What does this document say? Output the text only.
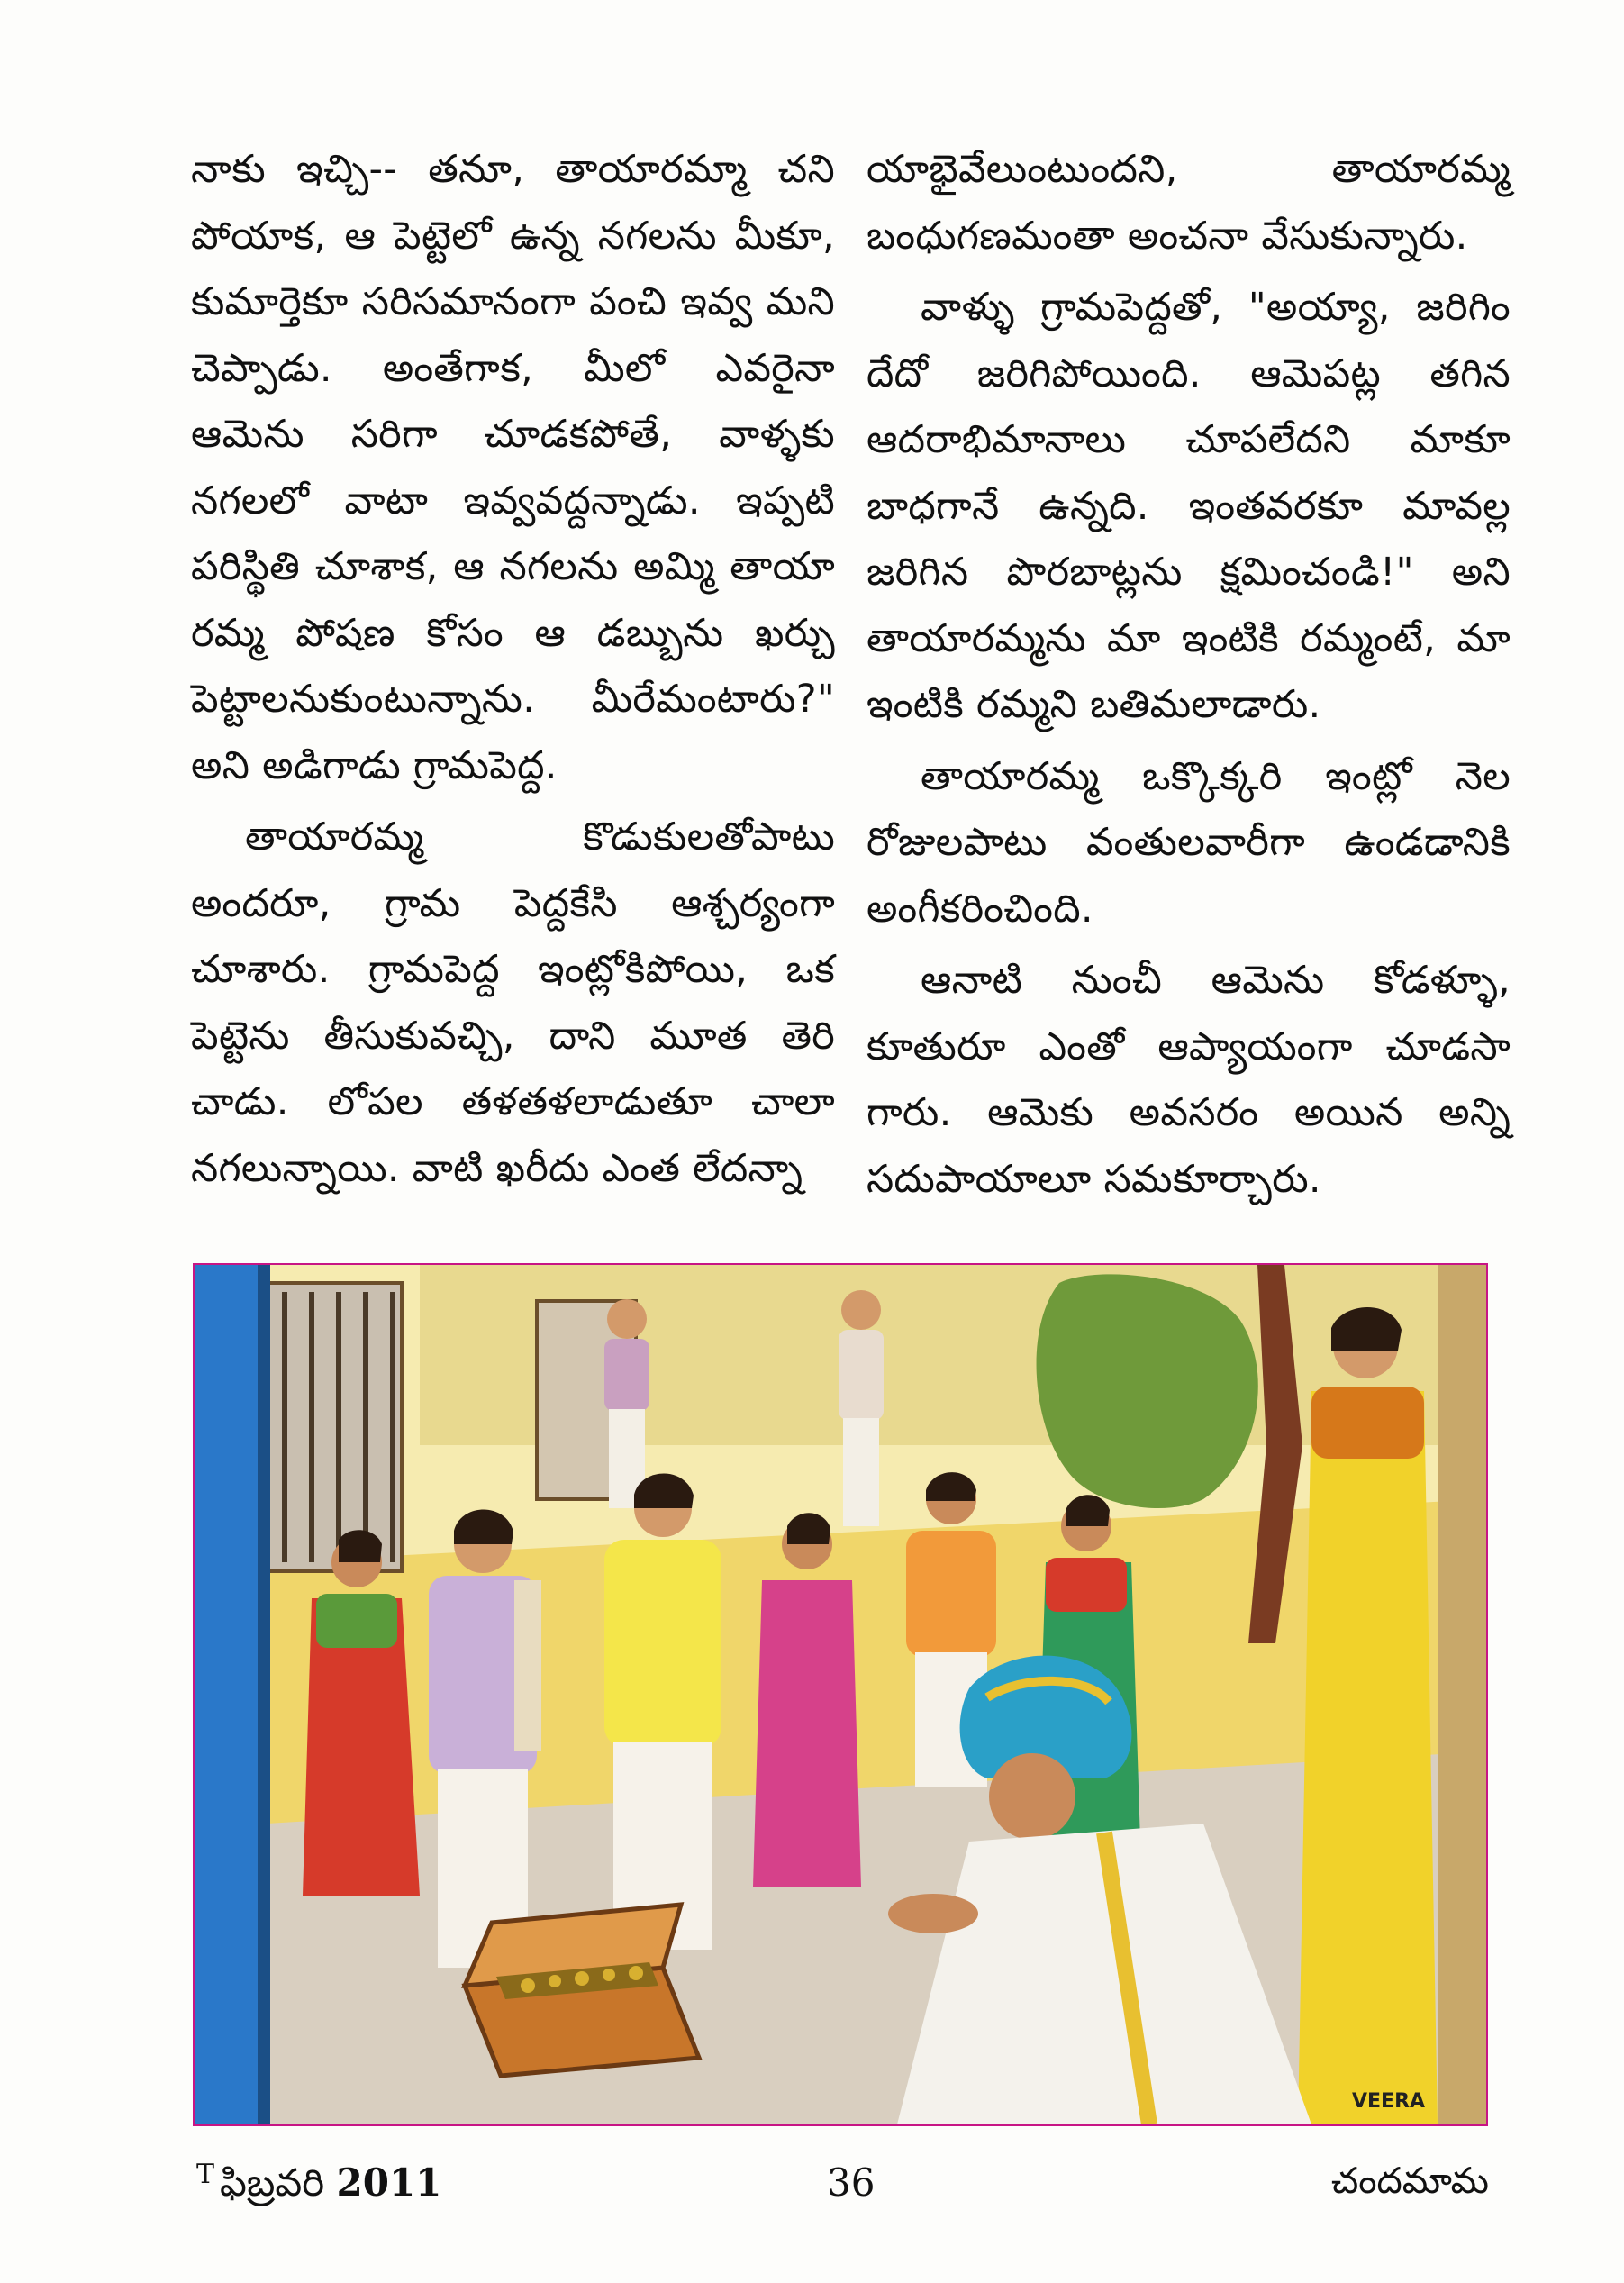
నాకు ఇచ్చి-- తనూ, తాయారమ్మా చని పోయాక, ఆ పెట్టెలో ఉన్న నగలను మీకూ, కుమార్తెకూ సరిసమానంగా పంచి ఇవ్వ మని చెప్పాడు. అంతేగాక, మీలో ఎవరైనా ఆమెను సరిగా చూడకపోతే, వాళ్ళకు నగలలో వాటా ఇవ్వవద్దన్నాడు. ఇప్పటి పరిస్థితి చూశాక, ఆ నగలను అమ్మి తాయా రమ్మ పోషణ కోసం ఆ డబ్బును ఖర్చు పెట్టాలనుకుంటున్నాను. మీరేమంటారు?" అని అడిగాడు గ్రామపెద్ద.

తాయారమ్మ కొడుకులతోపాటు అందరూ, గ్రామ పెద్దకేసి ఆశ్చర్యంగా చూశారు. గ్రామపెద్ద ఇంట్లోకిపోయి, ఒక పెట్టెను తీసుకువచ్చి, దాని మూత తెరి చాడు. లోపల తళతళలాడుతూ చాలా నగలున్నాయి. వాటి ఖరీదు ఎంత లేదన్నా

యాభైవేలుంటుందని, తాయారమ్మ బంధుగణమంతా అంచనా వేసుకున్నారు.

వాళ్ళు గ్రామపెద్దతో, "అయ్యా, జరిగిం దేదో జరిగిపోయింది. ఆమెపట్ల తగిన ఆదరాభిమానాలు చూపలేదని మాకూ బాధగానే ఉన్నది. ఇంతవరకూ మావల్ల జరిగిన పొరబాట్లను క్షమించండి!" అని తాయారమ్మను మా ఇంటికి రమ్మంటే, మా ఇంటికి రమ్మని బతిమలాడారు.

తాయారమ్మ ఒక్కొక్కరి ఇంట్లో నెల రోజులపాటు వంతులవారీగా ఉండడానికి అంగీకరించింది.

ఆనాటి నుంచీ ఆమెను కోడళ్ళూ, కూతురూ ఎంతో ఆప్యాయంగా చూడసా గారు. ఆమెకు అవసరం అయిన అన్ని సదుపాయాలూ సమకూర్చారు.

VEERA
T ఫిబ్రవరి 2011	36	చందమామ
